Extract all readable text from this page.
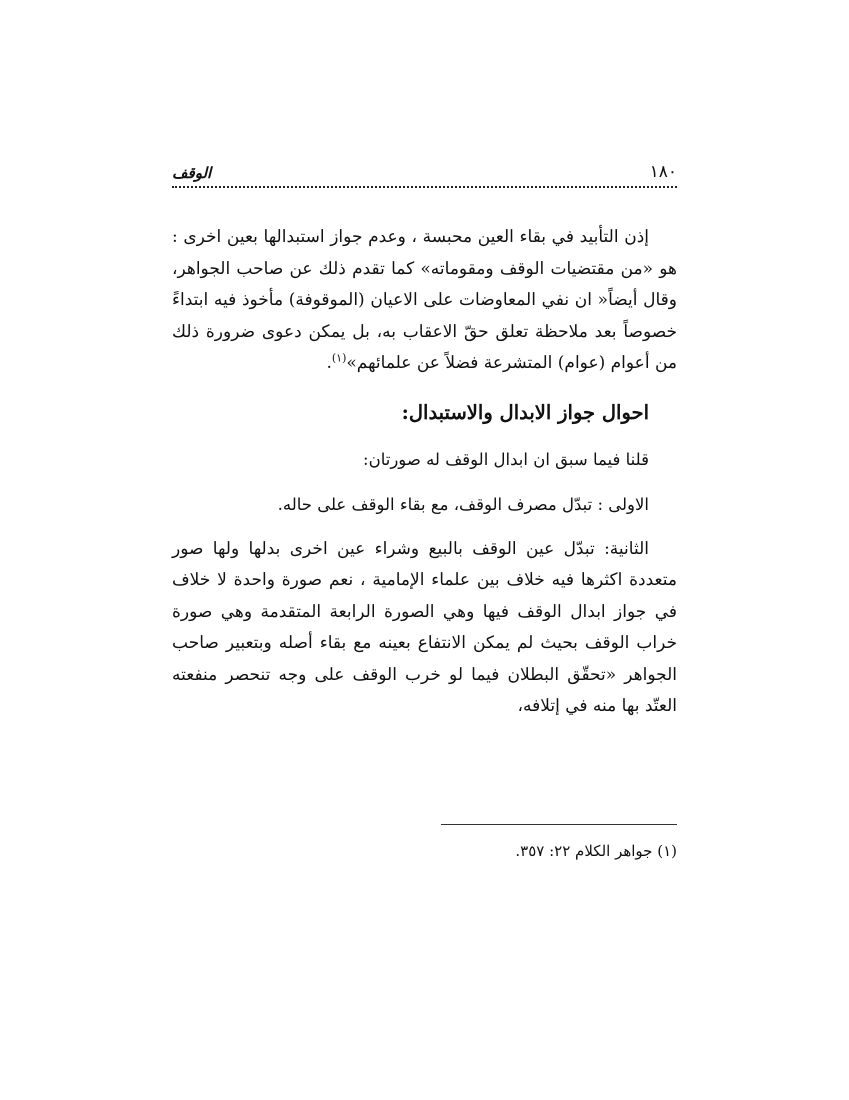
١٨٠
الوقف

إذن التأبيد في بقاء العين محبسة ، وعدم جواز استبدالها بعين اخرى : هو «من مقتضيات الوقف ومقوماته» كما تقدم ذلك عن صاحب الجواهر، وقال أيضاً« ان نفي المعاوضات على الاعيان (الموقوفة) مأخوذ فيه ابتداءً خصوصاً بعد ملاحظة تعلق حقّ الاعقاب به، بل يمكن دعوى ضرورة ذلك من أعوام (عوام) المتشرعة فضلاً عن علمائهم»$^{(١)}$.

احوال جواز الابدال والاستبدال:

قلنا فيما سبق ان ابدال الوقف له صورتان:

الاولى : تبدّل مصرف الوقف، مع بقاء الوقف على حاله.

الثانية: تبدّل عين الوقف بالبيع وشراء عين اخرى بدلها ولها صور متعددة اكثرها فيه خلاف بين علماء الإمامية ، نعم صورة واحدة لا خلاف في جواز ابدال الوقف فيها وهي الصورة الرابعة المتقدمة وهي صورة خراب الوقف بحيث لم يمكن الانتفاع بعينه مع بقاء أصله وبتعبير صاحب الجواهر «تحقّق البطلان فيما لو خرب الوقف على وجه تنحصر منفعته العتّد بها منه في إتلافه،

(١) جواهر الكلام ٢٢: ٣٥٧.
